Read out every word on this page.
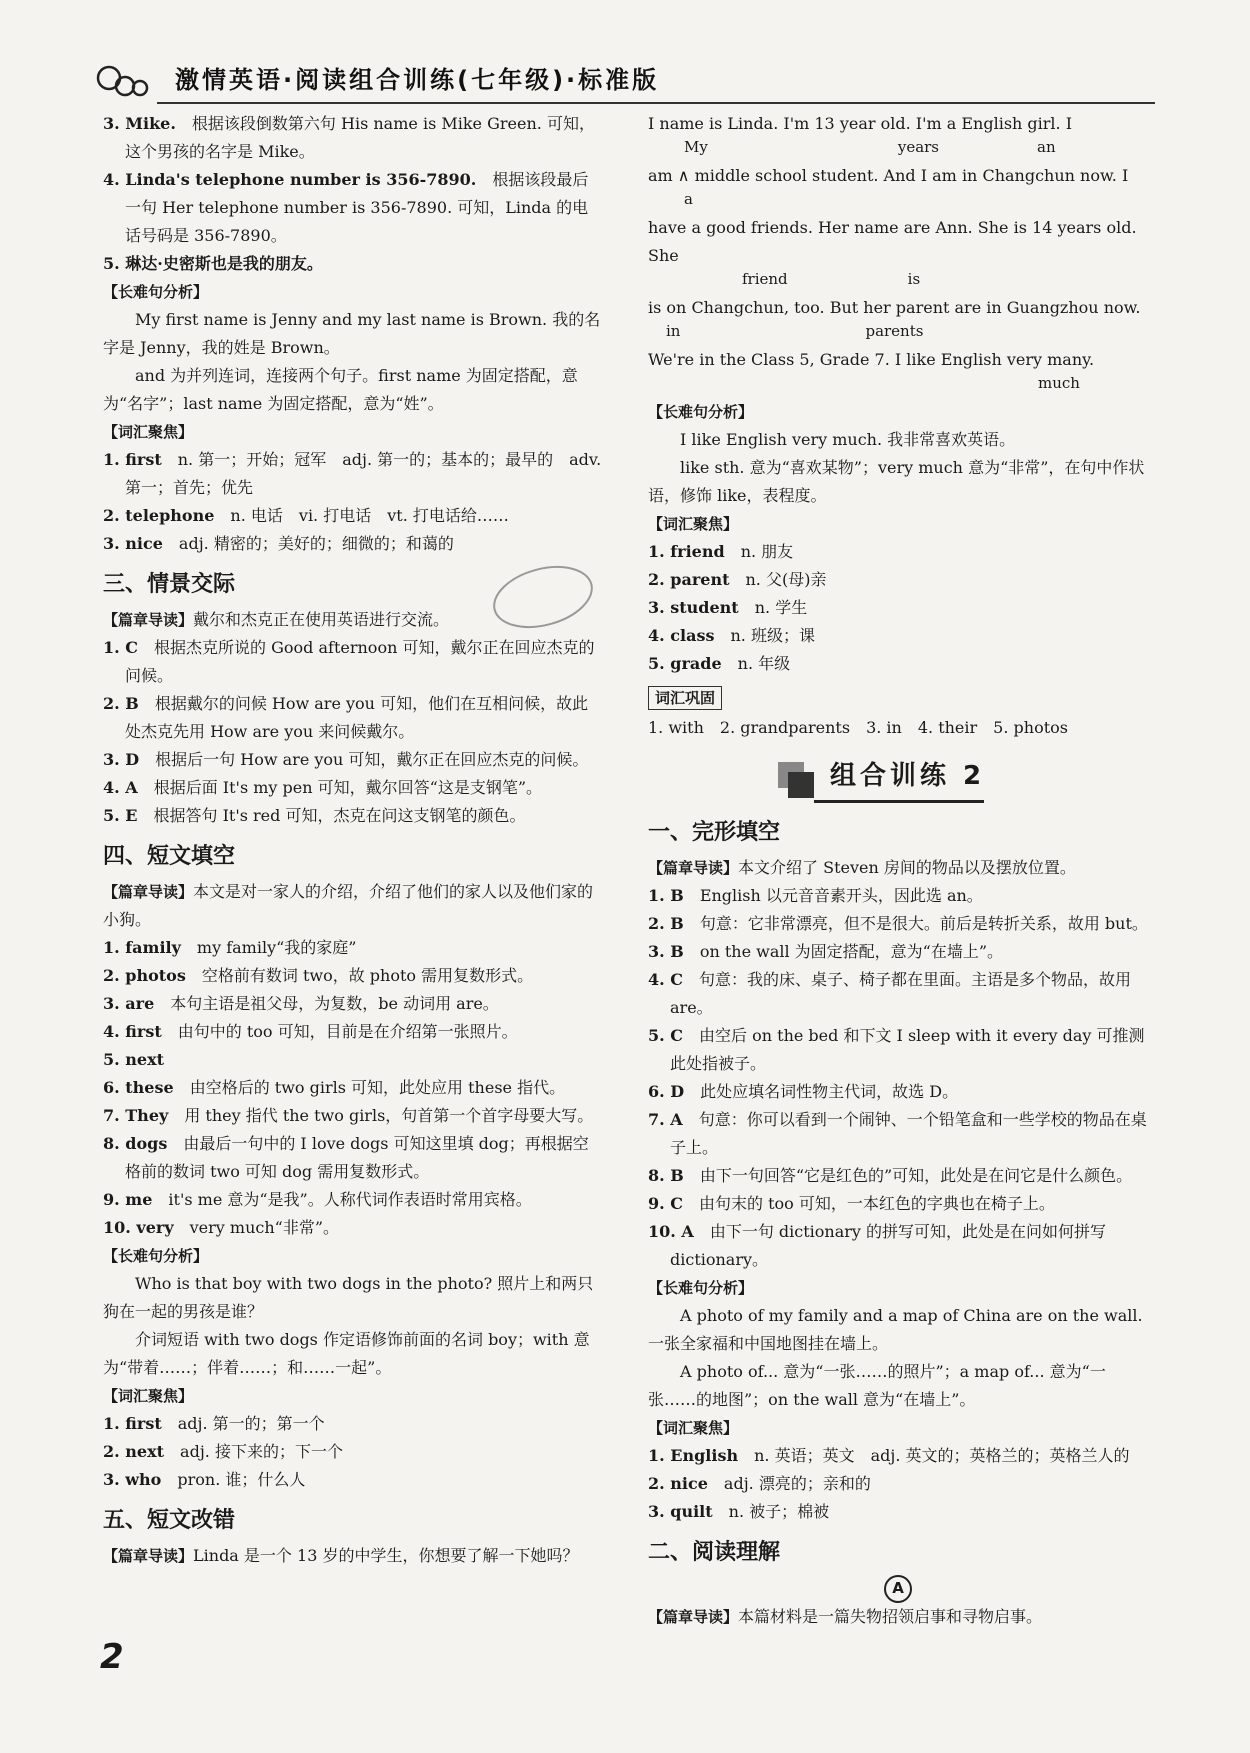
激情英语·阅读组合训练(七年级)·标准版

3. Mike.　 根据该段倒数第六句 His name is Mike Green. 可知，这个男孩的名字是 Mike。

4. Linda's telephone number is 356-7890.　 根据该段最后一句 Her telephone number is 356-7890. 可知，Linda 的电话号码是 356-7890。

5. 琳达·史密斯也是我的朋友。

【长难句分析】

My first name is Jenny and my last name is Brown. 我的名字是 Jenny，我的姓是 Brown。

and 为并列连词，连接两个句子。first name 为固定搭配，意为“名字”；last name 为固定搭配，意为“姓”。

【词汇聚焦】

1. first　 n. 第一；开始；冠军　adj. 第一的；基本的；最早的　adv. 第一；首先；优先

2. telephone　 n. 电话　vi. 打电话　vt. 打电话给……

3. nice　 adj. 精密的；美好的；细微的；和蔼的

三、情景交际

【篇章导读】戴尔和杰克正在使用英语进行交流。

1. C　 根据杰克所说的 Good afternoon 可知，戴尔正在回应杰克的问候。

2. B　 根据戴尔的问候 How are you 可知，他们在互相问候，故此处杰克先用 How are you 来问候戴尔。

3. D　 根据后一句 How are you 可知，戴尔正在回应杰克的问候。

4. A　 根据后面 It's my pen 可知，戴尔回答“这是支钢笔”。

5. E　 根据答句 It's red 可知，杰克在问这支钢笔的颜色。

四、短文填空

【篇章导读】本文是对一家人的介绍，介绍了他们的家人以及他们家的小狗。

1. family　 my family“我的家庭”

2. photos　 空格前有数词 two，故 photo 需用复数形式。

3. are　 本句主语是祖父母，为复数，be 动词用 are。

4. first　 由句中的 too 可知，目前是在介绍第一张照片。

5. next

6. these　 由空格后的 two girls 可知，此处应用 these 指代。

7. They　 用 they 指代 the two girls，句首第一个首字母要大写。

8. dogs　 由最后一句中的 I love dogs 可知这里填 dog；再根据空格前的数词 two 可知 dog 需用复数形式。

9. me　 it's me 意为“是我”。人称代词作表语时常用宾格。

10. very　 very much“非常”。

【长难句分析】

Who is that boy with two dogs in the photo? 照片上和两只狗在一起的男孩是谁？

介词短语 with two dogs 作定语修饰前面的名词 boy；with 意为“带着……；伴着……；和……一起”。

【词汇聚焦】

1. first　 adj. 第一的；第一个

2. next　 adj. 接下来的；下一个

3. who　 pron. 谁；什么人

五、短文改错

【篇章导读】Linda 是一个 13 岁的中学生，你想要了解一下她吗？

I name is Linda. I'm 13 year old. I'm a English girl. I

My	years	an

am ∧ middle school student. And I am in Changchun now. I

a

have a good friends. Her name are Ann. She is 14 years old. She

friend	is

is on Changchun, too. But her parent are in Guangzhou now.

in	parents

We're in the Class 5, Grade 7. I like English very many.

much

【长难句分析】

I like English very much. 我非常喜欢英语。

like sth. 意为“喜欢某物”；very much 意为“非常”，在句中作状语，修饰 like，表程度。

【词汇聚焦】

1. friend　 n. 朋友

2. parent　 n. 父(母)亲

3. student　 n. 学生

4. class　 n. 班级；课

5. grade　 n. 年级

词汇巩固

1. with　2. grandparents　3. in　4. their　5. photos

组合训练 2

一、完形填空

【篇章导读】本文介绍了 Steven 房间的物品以及摆放位置。

1. B　 English 以元音音素开头，因此选 an。

2. B　 句意：它非常漂亮，但不是很大。前后是转折关系，故用 but。

3. B　 on the wall 为固定搭配，意为“在墙上”。

4. C　 句意：我的床、桌子、椅子都在里面。主语是多个物品，故用 are。

5. C　 由空后 on the bed 和下文 I sleep with it every day 可推测此处指被子。

6. D　 此处应填名词性物主代词，故选 D。

7. A　 句意：你可以看到一个闹钟、一个铅笔盒和一些学校的物品在桌子上。

8. B　 由下一句回答“它是红色的”可知，此处是在问它是什么颜色。

9. C　 由句末的 too 可知，一本红色的字典也在椅子上。

10. A　 由下一句 dictionary 的拼写可知，此处是在问如何拼写 dictionary。

【长难句分析】

A photo of my family and a map of China are on the wall. 一张全家福和中国地图挂在墙上。

A photo of... 意为“一张……的照片”；a map of... 意为“一张……的地图”；on the wall 意为“在墙上”。

【词汇聚焦】

1. English　 n. 英语；英文　adj. 英文的；英格兰的；英格兰人的

2. nice　 adj. 漂亮的；亲和的

3. quilt　 n. 被子；棉被

二、阅读理解

A

【篇章导读】本篇材料是一篇失物招领启事和寻物启事。

2
